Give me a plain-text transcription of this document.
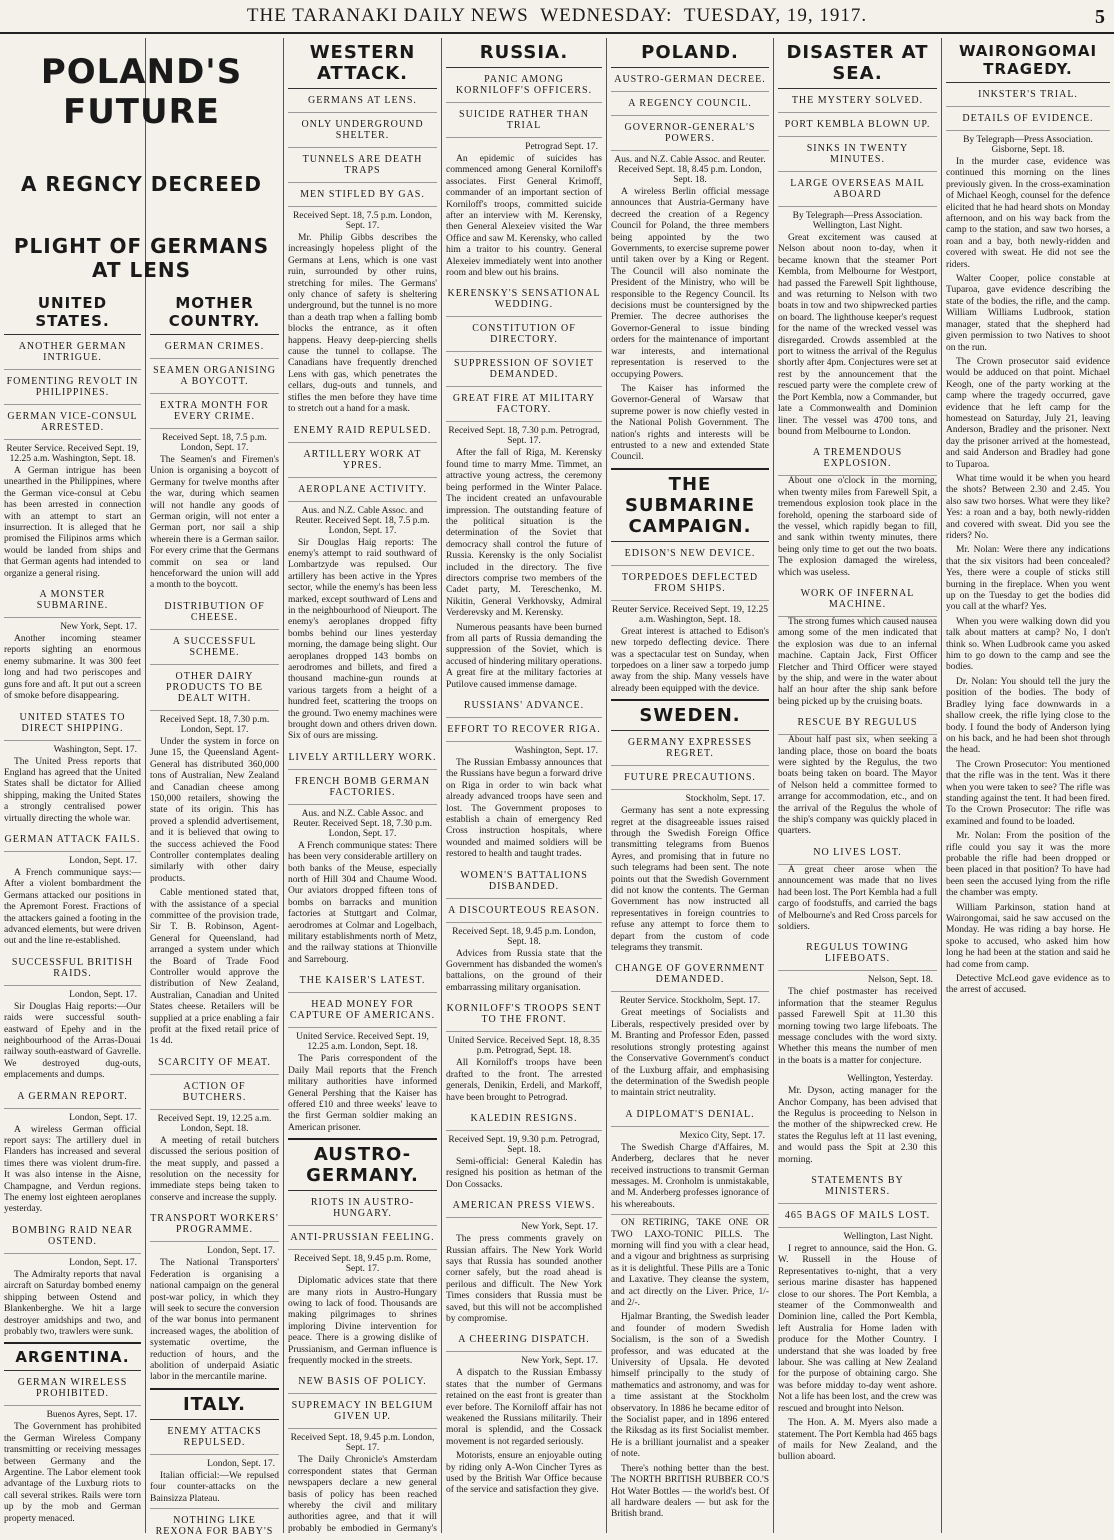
THE TARANAKI DAILY NEWS
WEDNESDAY:
TUESDAY, 19, 1917.	5
POLAND'S FUTURE
A REGNCY DECREED
PLIGHT OF GERMANS AT LENS
UNITED STATES.
ANOTHER GERMAN INTRIGUE.
FOMENTING REVOLT IN PHILIPPINES.
GERMAN VICE-CONSUL ARRESTED.
Reuter Service. Received Sept. 19, 12.25 a.m. Washington, Sept. 18.

A German intrigue has been unearthed in the Philippines, where the German vice-consul at Cebu has been arrested in connection with an attempt to start an insurrection. It is alleged that he promised the Filipinos arms which would be landed from ships and that German agents had intended to organize a general rising.

A MONSTER SUBMARINE.
New York, Sept. 17.

Another incoming steamer reports sighting an enormous enemy submarine. It was 300 feet long and had two periscopes and guns fore and aft. It put out a screen of smoke before disappearing.

UNITED STATES TO DIRECT SHIPPING.
Washington, Sept. 17.

The United Press reports that England has agreed that the United States shall be dictator for Allied shipping, making the United States a strongly centralised power virtually directing the whole war.

GERMAN ATTACK FAILS.
London, Sept. 17.

A French communique says:—After a violent bombardment the Germans attacked our positions in the Apremont Forest. Fractions of the attackers gained a footing in the advanced elements, but were driven out and the line re-established.

SUCCESSFUL BRITISH RAIDS.
London, Sept. 17.

Sir Douglas Haig reports:—Our raids were successful south-eastward of Epehy and in the neighbourhood of the Arras-Douai railway south-eastward of Gavrelle. We destroyed dug-outs, emplacements and dumps.

A GERMAN REPORT.
London, Sept. 17.

A wireless German official report says: The artillery duel in Flanders has increased and several times there was violent drum-fire. It was also intense in the Aisne, Champagne, and Verdun regions. The enemy lost eighteen aeroplanes yesterday.

BOMBING RAID NEAR OSTEND.
London, Sept. 17.

The Admiralty reports that naval aircraft on Saturday bombed enemy shipping between Ostend and Blankenberghe. We hit a large destroyer amidships and two, and probably two, trawlers were sunk.

ARGENTINA.
GERMAN WIRELESS PROHIBITED.
Buenos Ayres, Sept. 17.

The Government has prohibited the German Wireless Company transmitting or receiving messages between Germany and the Argentine. The Labor element took advantage of the Luxburg riots to call several strikes. Rails were torn up by the mob and German property menaced.

MOTHER COUNTRY.
GERMAN CRIMES.
SEAMEN ORGANISING A BOYCOTT.
EXTRA MONTH FOR EVERY CRIME.
Received Sept. 18, 7.5 p.m. London, Sept. 17.

The Seamen's and Firemen's Union is organising a boycott of Germany for twelve months after the war, during which seamen will not handle any goods of German origin, will not enter a German port, nor sail a ship wherein there is a German sailor. For every crime that the Germans commit on sea or land henceforward the union will add a month to the boycott.

DISTRIBUTION OF CHEESE.
A SUCCESSFUL SCHEME.
OTHER DAIRY PRODUCTS TO BE DEALT WITH.
Received Sept. 18, 7.30 p.m. London, Sept. 17.

Under the system in force on June 15, the Queensland Agent-General has distributed 360,000 tons of Australian, New Zealand and Canadian cheese among 150,000 retailers, showing the state of its origin. This has proved a splendid advertisement, and it is believed that owing to the success achieved the Food Controller contemplates dealing similarly with other dairy products.

Cable mentioned stated that, with the assistance of a special committee of the provision trade, Sir T. B. Robinson, Agent-General for Queensland, had arranged a system under which the Board of Trade Food Controller would approve the distribution of New Zealand, Australian, Canadian and United States cheese. Retailers will be supplied at a price enabling a fair profit at the fixed retail price of 1s 4d.

SCARCITY OF MEAT.
ACTION OF BUTCHERS.
Received Sept. 19, 12.25 a.m. London, Sept. 18.

A meeting of retail butchers discussed the serious position of the meat supply, and passed a resolution on the necessity for immediate steps being taken to conserve and increase the supply.

TRANSPORT WORKERS' PROGRAMME.
London, Sept. 17.

The National Transporters' Federation is organising a national campaign on the general post-war policy, in which they will seek to secure the conversion of the war bonus into permanent increased wages, the abolition of systematic overtime, the reduction of hours, and the abolition of underpaid Asiatic labor in the mercantile marine.

ITALY.
ENEMY ATTACKS REPULSED.
London, Sept. 17.

Italian official:—We repulsed four counter-attacks on the Bainsizza Plateau.

NOTHING LIKE REXONA FOR BABY'S

WESTERN ATTACK.
GERMANS AT LENS.
ONLY UNDERGROUND SHELTER.
TUNNELS ARE DEATH TRAPS
MEN STIFLED BY GAS.
Received Sept. 18, 7.5 p.m. London, Sept. 17.

Mr. Philip Gibbs describes the increasingly hopeless plight of the Germans at Lens, which is one vast ruin, surrounded by other ruins, stretching for miles. The Germans' only chance of safety is sheltering underground, but the tunnel is no more than a death trap when a falling bomb blocks the entrance, as it often happens. Heavy deep-piercing shells cause the tunnel to collapse. The Canadians have frequently drenched Lens with gas, which penetrates the cellars, dug-outs and tunnels, and stifles the men before they have time to stretch out a hand for a mask.

ENEMY RAID REPULSED.
ARTILLERY WORK AT YPRES.
AEROPLANE ACTIVITY.
Aus. and N.Z. Cable Assoc. and Reuter. Received Sept. 18, 7.5 p.m. London, Sept. 17.

Sir Douglas Haig reports: The enemy's attempt to raid southward of Lombartzyde was repulsed. Our artillery has been active in the Ypres sector, while the enemy's has been less marked, except southward of Lens and in the neighbourhood of Nieuport. The enemy's aeroplanes dropped fifty bombs behind our lines yesterday morning, the damage being slight. Our aeroplanes dropped 143 bombs on aerodromes and billets, and fired a thousand machine-gun rounds at various targets from a height of a hundred feet, scattering the troops on the ground. Two enemy machines were brought down and others driven down. Six of ours are missing.

LIVELY ARTILLERY WORK.
FRENCH BOMB GERMAN FACTORIES.
Aus. and N.Z. Cable Assoc. and Reuter. Received Sept. 18, 7.30 p.m. London, Sept. 17.

A French communique states: There has been very considerable artillery on both banks of the Meuse, especially north of Hill 304 and Chaume Wood. Our aviators dropped fifteen tons of bombs on barracks and munition factories at Stuttgart and Colmar, aerodromes at Colmar and Logelbach, military establishments north of Metz, and the railway stations at Thionville and Sarrebourg.

THE KAISER'S LATEST.
HEAD MONEY FOR CAPTURE OF AMERICANS.
United Service. Received Sept. 19, 12.25 a.m. London, Sept. 18.

The Paris correspondent of the Daily Mail reports that the French military authorities have informed General Pershing that the Kaiser has offered £10 and three weeks' leave to the first German soldier making an American prisoner.

AUSTRO-GERMANY.
RIOTS IN AUSTRO-HUNGARY.
ANTI-PRUSSIAN FEELING.
Received Sept. 18, 9.45 p.m. Rome, Sept. 17.

Diplomatic advices state that there are many riots in Austro-Hungary owing to lack of food. Thousands are making pilgrimages to shrines imploring Divine intervention for peace. There is a growing dislike of Prussianism, and German influence is frequently mocked in the streets.

NEW BASIS OF POLICY.
SUPREMACY IN BELGIUM GIVEN UP.
Received Sept. 18, 9.45 p.m. London, Sept. 17.

The Daily Chronicle's Amsterdam correspondent states that German newspapers declare a new general basis of policy has been reached whereby the civil and military authorities agree, and that it will probably be embodied in Germany's

RUSSIA.
PANIC AMONG KORNILOFF'S OFFICERS.
SUICIDE RATHER THAN TRIAL
Petrograd Sept. 17.

An epidemic of suicides has commenced among General Korniloff's associates. First General Krimoff, commander of an important section of Korniloff's troops, committed suicide after an interview with M. Kerensky, then General Alexeiev visited the War Office and saw M. Kerensky, who called him a traitor to his country. General Alexeiev immediately went into another room and blew out his brains.

KERENSKY'S SENSATIONAL WEDDING.
CONSTITUTION OF DIRECTORY.
SUPPRESSION OF SOVIET DEMANDED.
GREAT FIRE AT MILITARY FACTORY.
Received Sept. 18, 7.30 p.m. Petrograd, Sept. 17.

After the fall of Riga, M. Kerensky found time to marry Mme. Timmet, an attractive young actress, the ceremony being performed in the Winter Palace. The incident created an unfavourable impression. The outstanding feature of the political situation is the determination of the Soviet that democracy shall control the future of Russia. Kerensky is the only Socialist included in the directory. The five directors comprise two members of the Cadet party, M. Tereschenko, M. Nikitin, General Verkhovsky, Admiral Verderevsky and M. Kerensky.

Numerous peasants have been burned from all parts of Russia demanding the suppression of the Soviet, which is accused of hindering military operations. A great fire at the military factories at Putilove caused immense damage.

RUSSIANS' ADVANCE.
EFFORT TO RECOVER RIGA.
Washington, Sept. 17.

The Russian Embassy announces that the Russians have begun a forward drive on Riga in order to win back what already advanced troops have seen and lost. The Government proposes to establish a chain of emergency Red Cross instruction hospitals, where wounded and maimed soldiers will be restored to health and taught trades.

WOMEN'S BATTALIONS DISBANDED.
A DISCOURTEOUS REASON.
Received Sept. 18, 9.45 p.m. London, Sept. 18.

Advices from Russia state that the Government has disbanded the women's battalions, on the ground of their embarrassing military organisation.

KORNILOFF'S TROOPS SENT TO THE FRONT.
United Service. Received Sept. 18, 8.35 p.m. Petrograd, Sept. 18.

All Korniloff's troops have been drafted to the front. The arrested generals, Denikin, Erdeli, and Markoff, have been brought to Petrograd.

KALEDIN RESIGNS.
Received Sept. 19, 9.30 p.m. Petrograd, Sept. 18.

Semi-official: General Kaledin has resigned his position as hetman of the Don Cossacks.

AMERICAN PRESS VIEWS.
New York, Sept. 17.

The press comments gravely on Russian affairs. The New York World says that Russia has sounded another corner safely, but the road ahead is perilous and difficult. The New York Times considers that Russia must be saved, but this will not be accomplished by compromise.

A CHEERING DISPATCH.
New York, Sept. 17.

A dispatch to the Russian Embassy states that the number of Germans retained on the east front is greater than ever before. The Korniloff affair has not weakened the Russians militarily. Their moral is splendid, and the Cossack movement is not regarded seriously.

Motorists, ensure an enjoyable outing by riding only A-Won Cincher Tyres as used by the British War Office because of the service and satisfaction they give.

POLAND.
AUSTRO-GERMAN DECREE.
A REGENCY COUNCIL.
GOVERNOR-GENERAL'S POWERS.
Aus. and N.Z. Cable Assoc. and Reuter. Received Sept. 18, 8.45 p.m. London, Sept. 18.

A wireless Berlin official message announces that Austria-Germany have decreed the creation of a Regency Council for Poland, the three members being appointed by the two Governments, to exercise supreme power until taken over by a King or Regent. The Council will also nominate the President of the Ministry, who will be responsible to the Regency Council. Its decisions must be countersigned by the Premier. The decree authorises the Governor-General to issue binding orders for the maintenance of important war interests, and international representation is reserved to the occupying Powers.

The Kaiser has informed the Governor-General of Warsaw that supreme power is now chiefly vested in the National Polish Government. The nation's rights and interests will be entrusted to a new and extended State Council.

THE SUBMARINE CAMPAIGN.
EDISON'S NEW DEVICE.
TORPEDOES DEFLECTED FROM SHIPS.
Reuter Service. Received Sept. 19, 12.25 a.m. Washington, Sept. 18.

Great interest is attached to Edison's new torpedo deflecting device. There was a spectacular test on Sunday, when torpedoes on a liner saw a torpedo jump away from the ship. Many vessels have already been equipped with the device.

SWEDEN.
GERMANY EXPRESSES REGRET.
FUTURE PRECAUTIONS.
Stockholm, Sept. 17.

Germany has sent a note expressing regret at the disagreeable issues raised through the Swedish Foreign Office transmitting telegrams from Buenos Ayres, and promising that in future no such telegrams had been sent. The note points out that the Swedish Government did not know the contents. The German Government has now instructed all representatives in foreign countries to refuse any attempt to force them to depart from the custom of code telegrams they transmit.

CHANGE OF GOVERNMENT DEMANDED.
Reuter Service. Stockholm, Sept. 17.

Great meetings of Socialists and Liberals, respectively presided over by M. Branting and Professor Eden, passed resolutions strongly protesting against the Conservative Government's conduct of the Luxburg affair, and emphasising the determination of the Swedish people to maintain strict neutrality.

A DIPLOMAT'S DENIAL.
Mexico City, Sept. 17.

The Swedish Charge d'Affaires, M. Anderberg, declares that he never received instructions to transmit German messages. M. Cronholm is unmistakable, and M. Anderberg professes ignorance of his whereabouts.

ON RETIRING, TAKE ONE OR TWO LAXO-TONIC PILLS. The morning will find you with a clear head, and a vigour and brightness as surprising as it is delightful. These Pills are a Tonic and Laxative. They cleanse the system, and act directly on the Liver. Price, 1/- and 2/-.

Hjalmar Branting, the Swedish leader and founder of modern Swedish Socialism, is the son of a Swedish professor, and was educated at the University of Upsala. He devoted himself principally to the study of mathematics and astronomy, and was for a time assistant at the Stockholm observatory. In 1886 he became editor of the Socialist paper, and in 1896 entered the Riksdag as its first Socialist member. He is a brilliant journalist and a speaker of note.

There's nothing better than the best. The NORTH BRITISH RUBBER CO.'S Hot Water Bottles — the world's best. Of all hardware dealers — but ask for the British brand.

DISASTER AT SEA.
THE MYSTERY SOLVED.
PORT KEMBLA BLOWN UP.
SINKS IN TWENTY MINUTES.
LARGE OVERSEAS MAIL ABOARD
By Telegraph—Press Association. Wellington, Last Night.

Great excitement was caused at Nelson about noon to-day, when it became known that the steamer Port Kembla, from Melbourne for Westport, had passed the Farewell Spit lighthouse, and was returning to Nelson with two boats in tow and two shipwrecked parties on board. The lighthouse keeper's request for the name of the wrecked vessel was disregarded. Crowds assembled at the port to witness the arrival of the Regulus shortly after 4pm. Conjectures were set at rest by the announcement that the rescued party were the complete crew of the Port Kembla, now a Commander, but late a Commonwealth and Dominion liner. The vessel was 4700 tons, and bound from Melbourne to London.

A TREMENDOUS EXPLOSION.

About one o'clock in the morning, when twenty miles from Farewell Spit, a tremendous explosion took place in the forehold, opening the starboard side of the vessel, which rapidly began to fill, and sank within twenty minutes, there being only time to get out the two boats. The explosion damaged the wireless, which was useless.

WORK OF INFERNAL MACHINE.

The strong fumes which caused nausea among some of the men indicated that the explosion was due to an infernal machine. Captain Jack, First Officer Fletcher and Third Officer were stayed by the ship, and were in the water about half an hour after the ship sank before being picked up by the cruising boats.

RESCUE BY REGULUS

About half past six, when seeking a landing place, those on board the boats were sighted by the Regulus, the two boats being taken on board. The Mayor of Nelson held a committee formed to arrange for accommodation, etc., and on the arrival of the Regulus the whole of the ship's company was quickly placed in quarters.

NO LIVES LOST.

A great cheer arose when the announcement was made that no lives had been lost. The Port Kembla had a full cargo of foodstuffs, and carried the bags of Melbourne's and Red Cross parcels for soldiers.

REGULUS TOWING LIFEBOATS.
Nelson, Sept. 18.

The chief postmaster has received information that the steamer Regulus passed Farewell Spit at 11.30 this morning towing two large lifeboats. The message concludes with the word sixty. Whether this means the number of men in the boats is a matter for conjecture.

Wellington, Yesterday.

Mr. Dyson, acting manager for the Anchor Company, has been advised that the Regulus is proceeding to Nelson in the mother of the shipwrecked crew. He states the Regulus left at 11 last evening, and would pass the Spit at 2.30 this morning.

STATEMENTS BY MINISTERS.
465 BAGS OF MAILS LOST.
Wellington, Last Night.

I regret to announce, said the Hon. G. W. Russell in the House of Representatives to-night, that a very serious marine disaster has happened close to our shores. The Port Kembla, a steamer of the Commonwealth and Dominion line, called the Port Kembla, left Australia for Home laden with produce for the Mother Country. I understand that she was loaded by free labour. She was calling at New Zealand for the purpose of obtaining cargo. She was before midday to-day went ashore. Not a life has been lost, and the crew was rescued and brought into Nelson.

The Hon. A. M. Myers also made a statement. The Port Kembla had 465 bags of mails for New Zealand, and the bullion aboard.

WAIRONGOMAI TRAGEDY.
INKSTER'S TRIAL.
DETAILS OF EVIDENCE.
By Telegraph—Press Association. Gisborne, Sept. 18.

In the murder case, evidence was continued this morning on the lines previously given. In the cross-examination of Michael Keogh, counsel for the defence elicited that he had heard shots on Monday afternoon, and on his way back from the camp to the station, and saw two horses, a roan and a bay, both newly-ridden and covered with sweat. He did not see the riders.

Walter Cooper, police constable at Tuparoa, gave evidence describing the state of the bodies, the rifle, and the camp. William Williams Ludbrook, station manager, stated that the shepherd had given permission to two Natives to shoot on the run.

The Crown prosecutor said evidence would be adduced on that point. Michael Keogh, one of the party working at the camp where the tragedy occurred, gave evidence that he left camp for the homestead on Saturday, July 21, leaving Anderson, Bradley and the prisoner. Next day the prisoner arrived at the homestead, and said Anderson and Bradley had gone to Tuparoa.

What time would it be when you heard the shots? Between 2.30 and 2.45. You also saw two horses. What were they like? Yes: a roan and a bay, both newly-ridden and covered with sweat. Did you see the riders? No.

Mr. Nolan: Were there any indications that the six visitors had been concealed? Yes, there were a couple of sticks still burning in the fireplace. When you went up on the Tuesday to get the bodies did you call at the wharf? Yes.

When you were walking down did you talk about matters at camp? No, I don't think so. When Ludbrook came you asked him to go down to the camp and see the bodies.

Dr. Nolan: You should tell the jury the position of the bodies. The body of Bradley lying face downwards in a shallow creek, the rifle lying close to the body. I found the body of Anderson lying on his back, and he had been shot through the head.

The Crown Prosecutor: You mentioned that the rifle was in the tent. Was it there when you were taken to see? The rifle was standing against the tent. It had been fired. To the Crown Prosecutor: The rifle was examined and found to be loaded.

Mr. Nolan: From the position of the rifle could you say it was the more probable the rifle had been dropped or been placed in that position? To have had been seen the accused lying from the rifle the chamber was empty.

William Parkinson, station hand at Wairongomai, said he saw accused on the Monday. He was riding a bay horse. He spoke to accused, who asked him how long he had been at the station and said he had come from camp.

Detective McLeod gave evidence as to the arrest of accused.
